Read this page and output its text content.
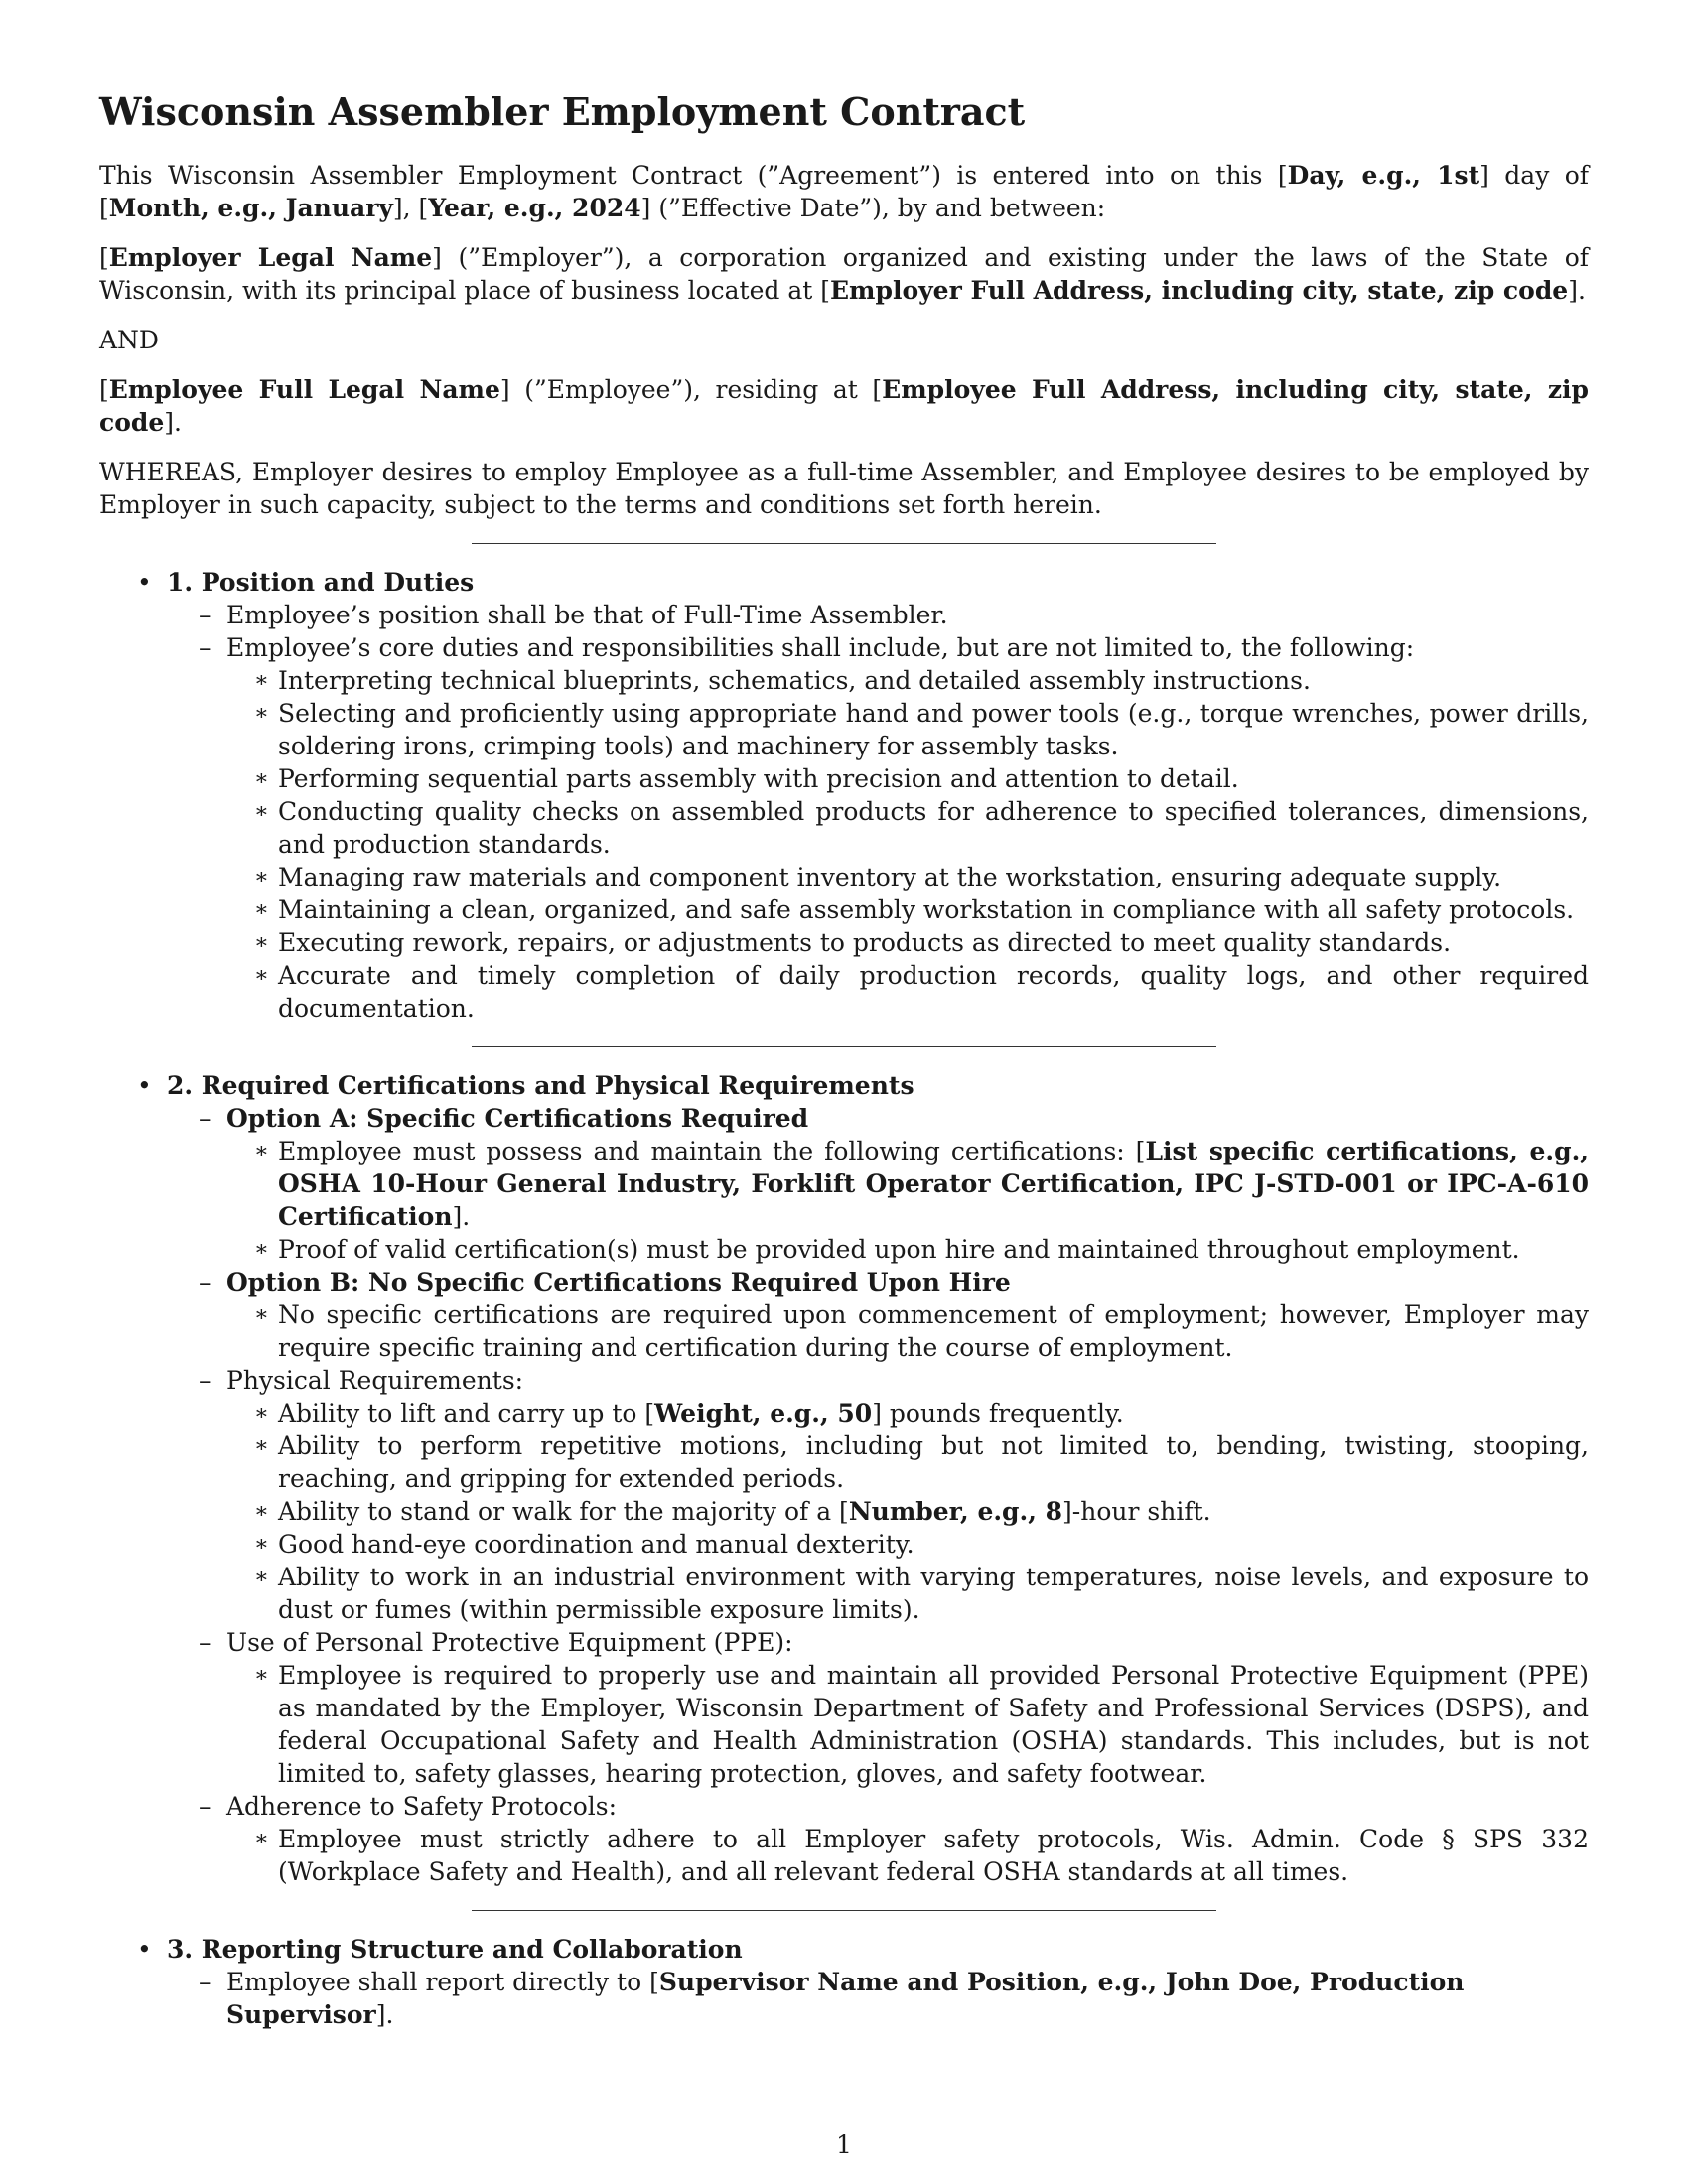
Wisconsin Assembler Employment Contract

This Wisconsin Assembler Employment Contract (”Agreement”) is entered into on this [Day, e.g., 1st] day of [Month, e.g., January], [Year, e.g., 2024] (”Effective Date”), by and between:

[Employer Legal Name] (”Employer”), a corporation organized and existing under the laws of the State of Wisconsin, with its principal place of business located at [Employer Full Address, including city, state, zip code].

AND

[Employee Full Legal Name] (”Employee”), residing at [Employee Full Address, including city, state, zip code].

WHEREAS, Employer desires to employ Employee as a full-time Assembler, and Employee desires to be employed by Employer in such capacity, subject to the terms and conditions set forth herein.

• 1. Position and Duties
– Employee’s position shall be that of Full-Time Assembler.
– Employee’s core duties and responsibilities shall include, but are not limited to, the following:
∗ Interpreting technical blueprints, schematics, and detailed assembly instructions.
∗ Selecting and proficiently using appropriate hand and power tools (e.g., torque wrenches, power drills, soldering irons, crimping tools) and machinery for assembly tasks.
∗ Performing sequential parts assembly with precision and attention to detail.
∗ Conducting quality checks on assembled products for adherence to specified tolerances, dimensions, and production standards.
∗ Managing raw materials and component inventory at the workstation, ensuring adequate supply.
∗ Maintaining a clean, organized, and safe assembly workstation in compliance with all safety protocols.
∗ Executing rework, repairs, or adjustments to products as directed to meet quality standards.
∗ Accurate and timely completion of daily production records, quality logs, and other required documentation.
• 2. Required Certifications and Physical Requirements
– Option A: Specific Certifications Required
∗ Employee must possess and maintain the following certifications: [List specific certifications, e.g., OSHA 10-Hour General Industry, Forklift Operator Certification, IPC J-STD-001 or IPC-A-610 Certification].
∗ Proof of valid certification(s) must be provided upon hire and maintained throughout employment.
– Option B: No Specific Certifications Required Upon Hire
∗ No specific certifications are required upon commencement of employment; however, Employer may require specific training and certification during the course of employment.
– Physical Requirements:
∗ Ability to lift and carry up to [Weight, e.g., 50] pounds frequently.
∗ Ability to perform repetitive motions, including but not limited to, bending, twisting, stooping, reaching, and gripping for extended periods.
∗ Ability to stand or walk for the majority of a [Number, e.g., 8]-hour shift.
∗ Good hand-eye coordination and manual dexterity.
∗ Ability to work in an industrial environment with varying temperatures, noise levels, and exposure to dust or fumes (within permissible exposure limits).
– Use of Personal Protective Equipment (PPE):
∗ Employee is required to properly use and maintain all provided Personal Protective Equipment (PPE) as mandated by the Employer, Wisconsin Department of Safety and Professional Services (DSPS), and federal Occupational Safety and Health Administration (OSHA) standards. This includes, but is not limited to, safety glasses, hearing protection, gloves, and safety footwear.
– Adherence to Safety Protocols:
∗ Employee must strictly adhere to all Employer safety protocols, Wis. Admin. Code § SPS 332 (Workplace Safety and Health), and all relevant federal OSHA standards at all times.
• 3. Reporting Structure and Collaboration
– Employee shall report directly to [Supervisor Name and Position, e.g., John Doe, Production Supervisor].
1
